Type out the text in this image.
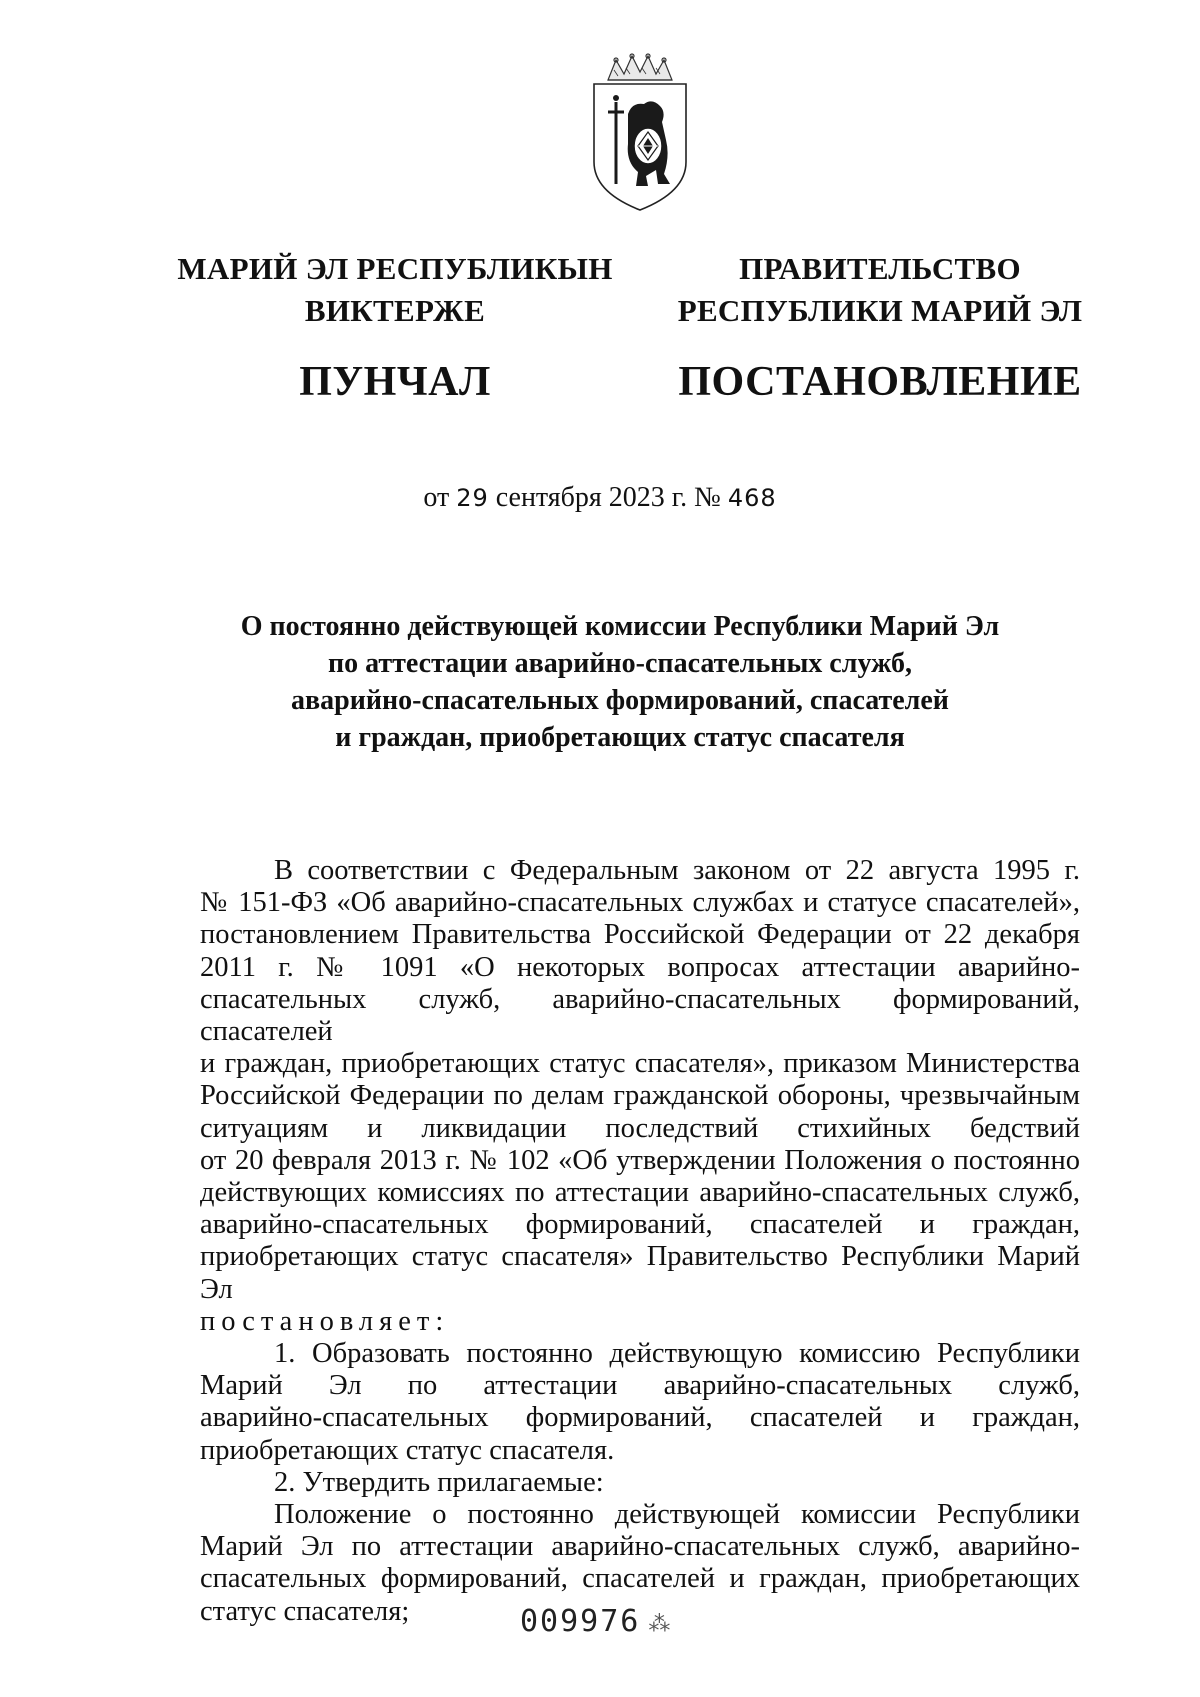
МАРИЙ ЭЛ РЕСПУБЛИКЫН
ВИКТЕРЖЕ
ПУНЧАЛ
ПРАВИТЕЛЬСТВО
РЕСПУБЛИКИ МАРИЙ ЭЛ
ПОСТАНОВЛЕНИЕ
от 29 сентября 2023 г. № 468
О постоянно действующей комиссии Республики Марий Эл
по аттестации аварийно-спасательных служб,
аварийно-спасательных формирований, спасателей
и граждан, приобретающих статус спасателя

В соответствии с Федеральным законом от 22 августа 1995 г.

№ 151-ФЗ «Об аварийно-спасательных службах и статусе спасателей»,

постановлением Правительства Российской Федерации от 22 декабря

2011 г. № 1091 «О некоторых вопросах аттестации аварийно-

спасательных служб, аварийно-спасательных формирований, спасателей

и граждан, приобретающих статус спасателя», приказом Министерства

Российской Федерации по делам гражданской обороны, чрезвычайным

ситуациям и ликвидации последствий стихийных бедствий

от 20 февраля 2013 г. № 102 «Об утверждении Положения о постоянно

действующих комиссиях по аттестации аварийно-спасательных служб,

аварийно-спасательных формирований, спасателей и граждан,

приобретающих статус спасателя» Правительство Республики Марий Эл

постановляет:

1. Образовать постоянно действующую комиссию Республики

Марий Эл по аттестации аварийно-спасательных служб,

аварийно-спасательных формирований, спасателей и граждан,

приобретающих статус спасателя.

2. Утвердить прилагаемые:

Положение о постоянно действующей комиссии Республики

Марий Эл по аттестации аварийно-спасательных служб, аварийно-

спасательных формирований, спасателей и граждан, приобретающих

статус спасателя;	009976 ⁂
